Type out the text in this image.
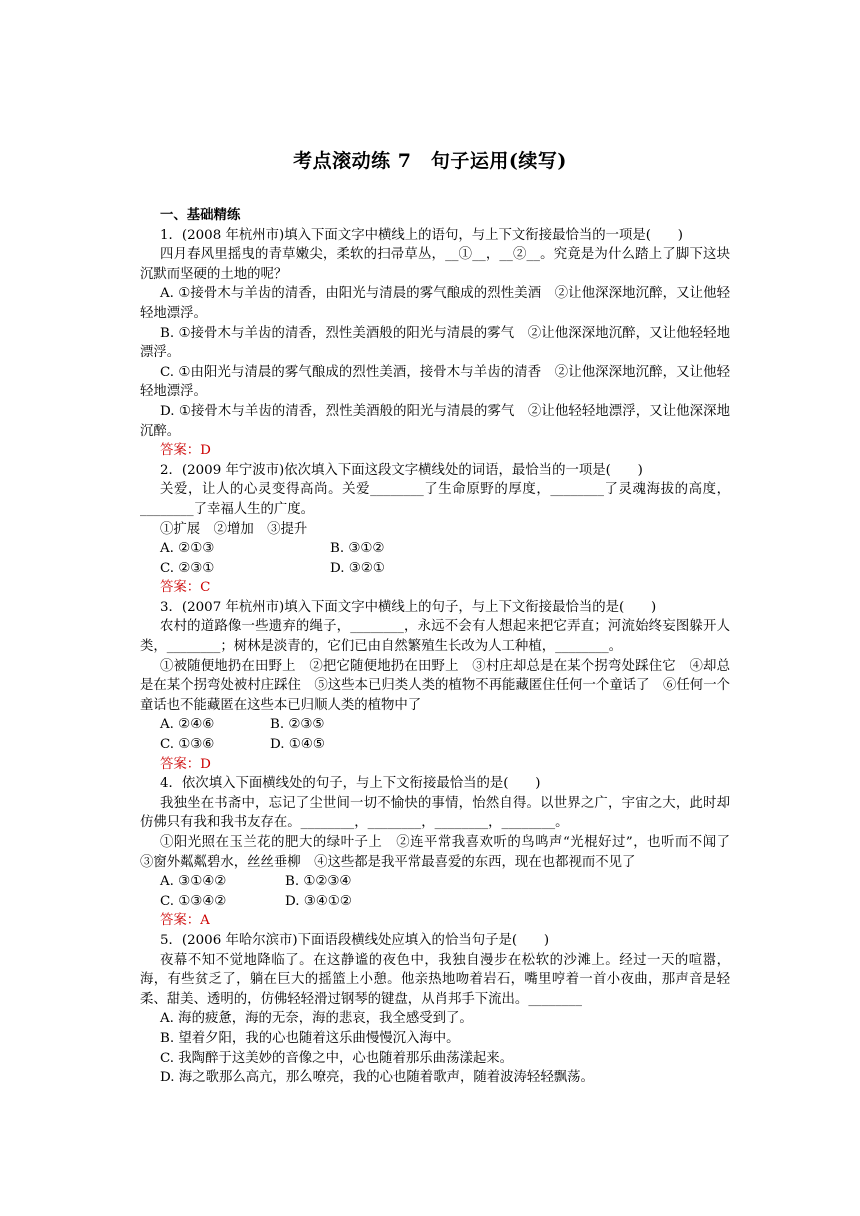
考点滚动练 7　句子运用(续写)

一、基础精练

1．(2008 年杭州市)填入下面文字中横线上的语句，与上下文衔接最恰当的一项是(　　)

四月春风里摇曳的青草嫩尖，柔软的扫帚草丛，__①__，__②__。究竟是为什么踏上了脚下这块沉默而坚硬的土地的呢？

A. ①接骨木与羊齿的清香，由阳光与清晨的雾气酿成的烈性美酒　②让他深深地沉醉，又让他轻轻地漂浮。

B. ①接骨木与羊齿的清香，烈性美酒般的阳光与清晨的雾气　②让他深深地沉醉，又让他轻轻地漂浮。

C. ①由阳光与清晨的雾气酿成的烈性美酒，接骨木与羊齿的清香　②让他深深地沉醉，又让他轻轻地漂浮。

D. ①接骨木与羊齿的清香，烈性美酒般的阳光与清晨的雾气　②让他轻轻地漂浮，又让他深深地沉醉。

答案：D

2．(2009 年宁波市)依次填入下面这段文字横线处的词语，最恰当的一项是(　　)

关爱，让人的心灵变得高尚。关爱________了生命原野的厚度，________了灵魂海拔的高度，________了幸福人生的广度。

①扩展　②增加　③提升

A. ②①③	B. ③①②

C. ②③①	D. ③②①

答案：C

3．(2007 年杭州市)填入下面文字中横线上的句子，与上下文衔接最恰当的是(　　)

农村的道路像一些遗弃的绳子，________，永远不会有人想起来把它弄直；河流始终妄图躲开人类，________；树林是淡青的，它们已由自然繁殖生长改为人工种植，________。

①被随便地扔在田野上　②把它随便地扔在田野上　③村庄却总是在某个拐弯处踩住它　④却总是在某个拐弯处被村庄踩住　⑤这些本已归类人类的植物不再能藏匿住任何一个童话了　⑥任何一个童话也不能藏匿在这些本已归顺人类的植物中了

A. ②④⑥	B. ②③⑤

C. ①③⑥	D. ①④⑤

答案：D

4．依次填入下面横线处的句子，与上下文衔接最恰当的是(　　)

我独坐在书斋中，忘记了尘世间一切不愉快的事情，怡然自得。以世界之广，宇宙之大，此时却仿佛只有我和我书友存在。________，________，________，________。

①阳光照在玉兰花的肥大的绿叶子上　②连平常我喜欢听的鸟鸣声“光棍好过”，也听而不闻了　③窗外粼粼碧水，丝丝垂柳　④这些都是我平常最喜爱的东西，现在也都视而不见了

A. ③①④②	B. ①②③④

C. ①③④②	D. ③④①②

答案：A

5．(2006 年哈尔滨市)下面语段横线处应填入的恰当句子是(　　)

夜幕不知不觉地降临了。在这静谧的夜色中，我独自漫步在松软的沙滩上。经过一天的喧嚣，海，有些贫乏了，躺在巨大的摇篮上小憩。他亲热地吻着岩石，嘴里哼着一首小夜曲，那声音是轻柔、甜美、透明的，仿佛轻轻滑过钢琴的键盘，从肖邦手下流出。________

A. 海的疲惫，海的无奈，海的悲哀，我全感受到了。

B. 望着夕阳，我的心也随着这乐曲慢慢沉入海中。

C. 我陶醉于这美妙的音像之中，心也随着那乐曲荡漾起来。

D. 海之歌那么高亢，那么嘹亮，我的心也随着歌声，随着波涛轻轻飘荡。
